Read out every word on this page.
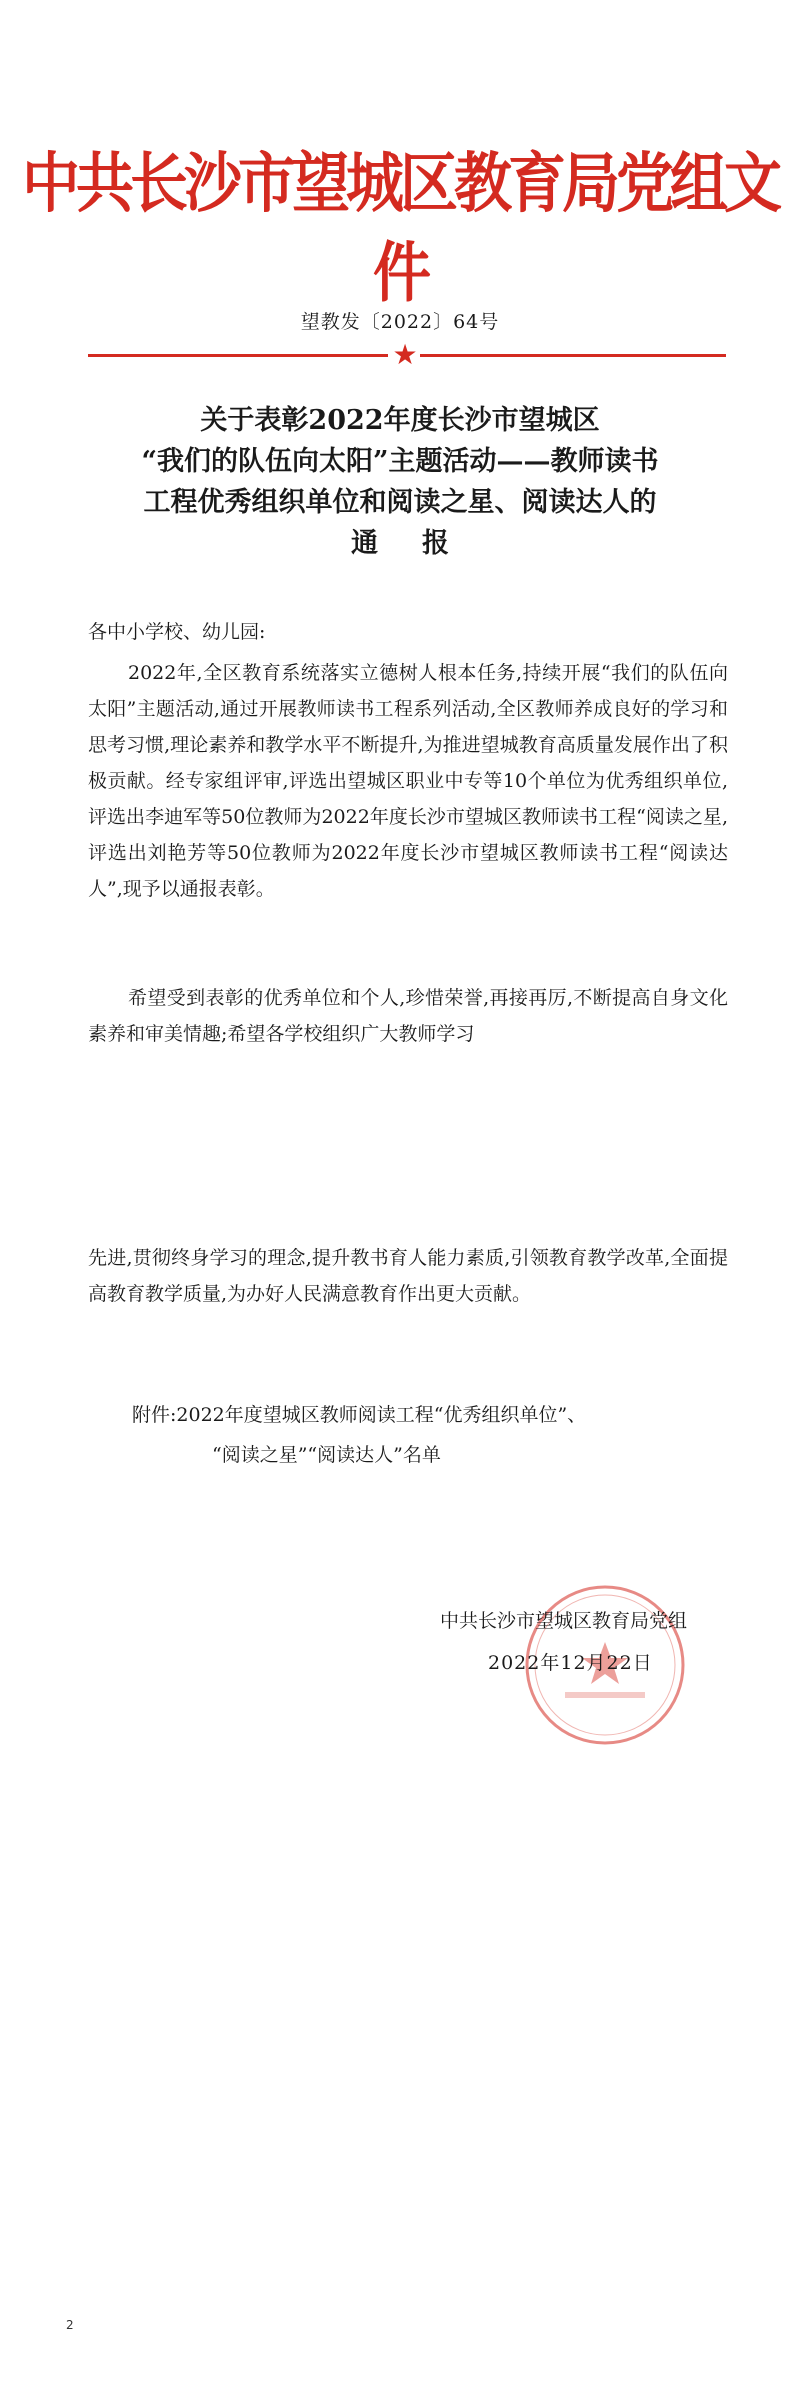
中共长沙市望城区教育局党组文件
望教发〔2022〕64号
★
关于表彰2022年度长沙市望城区
“我们的队伍向太阳”主题活动——教师读书
工程优秀组织单位和阅读之星、阅读达人的
通报
各中小学校、幼儿园:
2022年,全区教育系统落实立德树人根本任务,持续开展“我们的队伍向太阳”主题活动,通过开展教师读书工程系列活动,全区教师养成良好的学习和思考习惯,理论素养和教学水平不断提升,为推进望城教育高质量发展作出了积极贡献。经专家组评审,评选出望城区职业中专等10个单位为优秀组织单位,评选出李迪军等50位教师为2022年度长沙市望城区教师读书工程“阅读之星,评选出刘艳芳等50位教师为2022年度长沙市望城区教师读书工程“阅读达人”,现予以通报表彰。
希望受到表彰的优秀单位和个人,珍惜荣誉,再接再厉,不断提高自身文化素养和审美情趣;希望各学校组织广大教师学习
先进,贯彻终身学习的理念,提升教书育人能力素质,引领教育教学改革,全面提高教育教学质量,为办好人民满意教育作出更大贡献。
附件:2022年度望城区教师阅读工程“优秀组织单位”、
“阅读之星”“阅读达人”名单
中共长沙市望城区教育局党组
2022年12月22日
2
